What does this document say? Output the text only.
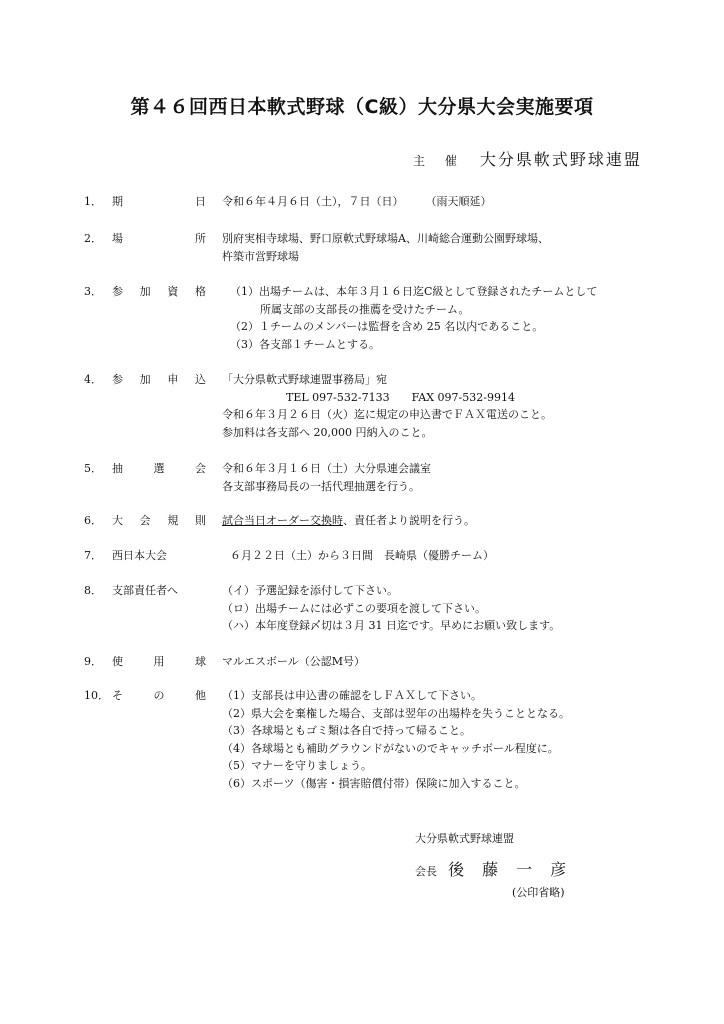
第４６回西日本軟式野球（C級）大分県大会実施要項
主 催 大分県軟式野球連盟
1． 期	日 令和６年４月６日（土），７日（日） （雨天順延）
2． 場	所 別府実相寺球場、野口原軟式野球場A、川崎総合運動公園野球場、
杵築市営野球場
3． 参 加 資 格	（1）出場チームは、本年３月１６日迄C級として登録されたチームとして
所属支部の支部長の推薦を受けたチーム。
（2）１チームのメンバーは監督を含め 25 名以内であること。
（3）各支部１チームとする。
4． 参 加 申 込 「大分県軟式野球連盟事務局」宛
TEL 097-532-7133 FAX 097-532-9914
令和６年３月２６日（火）迄に規定の申込書でＦＡＸ電送のこと。
参加料は各支部へ 20,000 円納入のこと。
5． 抽	選	会 令和６年３月１６日（土）大分県連会議室
各支部事務局長の一括代理抽選を行う。
6． 大 会 規 則 試合当日オーダー交換時、責任者より説明を行う。
7． 西日本大会	６月２２日（土）から３日間　長崎県（優勝チーム）
8． 支部責任者へ	（イ）予選記録を添付して下さい。
（ロ）出場チームには必ずこの要項を渡して下さい。
（ハ）本年度登録〆切は３月 31 日迄です。早めにお願い致します。
9． 使	用	球 マルエスボール（公認M号）
10． そ	の	他 （1）支部長は申込書の確認をしＦＡＸして下さい。
（2）県大会を棄権した場合、支部は翌年の出場枠を失うこととなる。
（3）各球場ともゴミ類は各自で持って帰ること。
（4）各球場とも補助グラウンドがないのでキャッチボール程度に。
（5）マナーを守りましょう。
（6）スポーツ（傷害・損害賠償付帯）保険に加入すること。
大分県軟式野球連盟
会長 後藤一彦
(公印省略)
